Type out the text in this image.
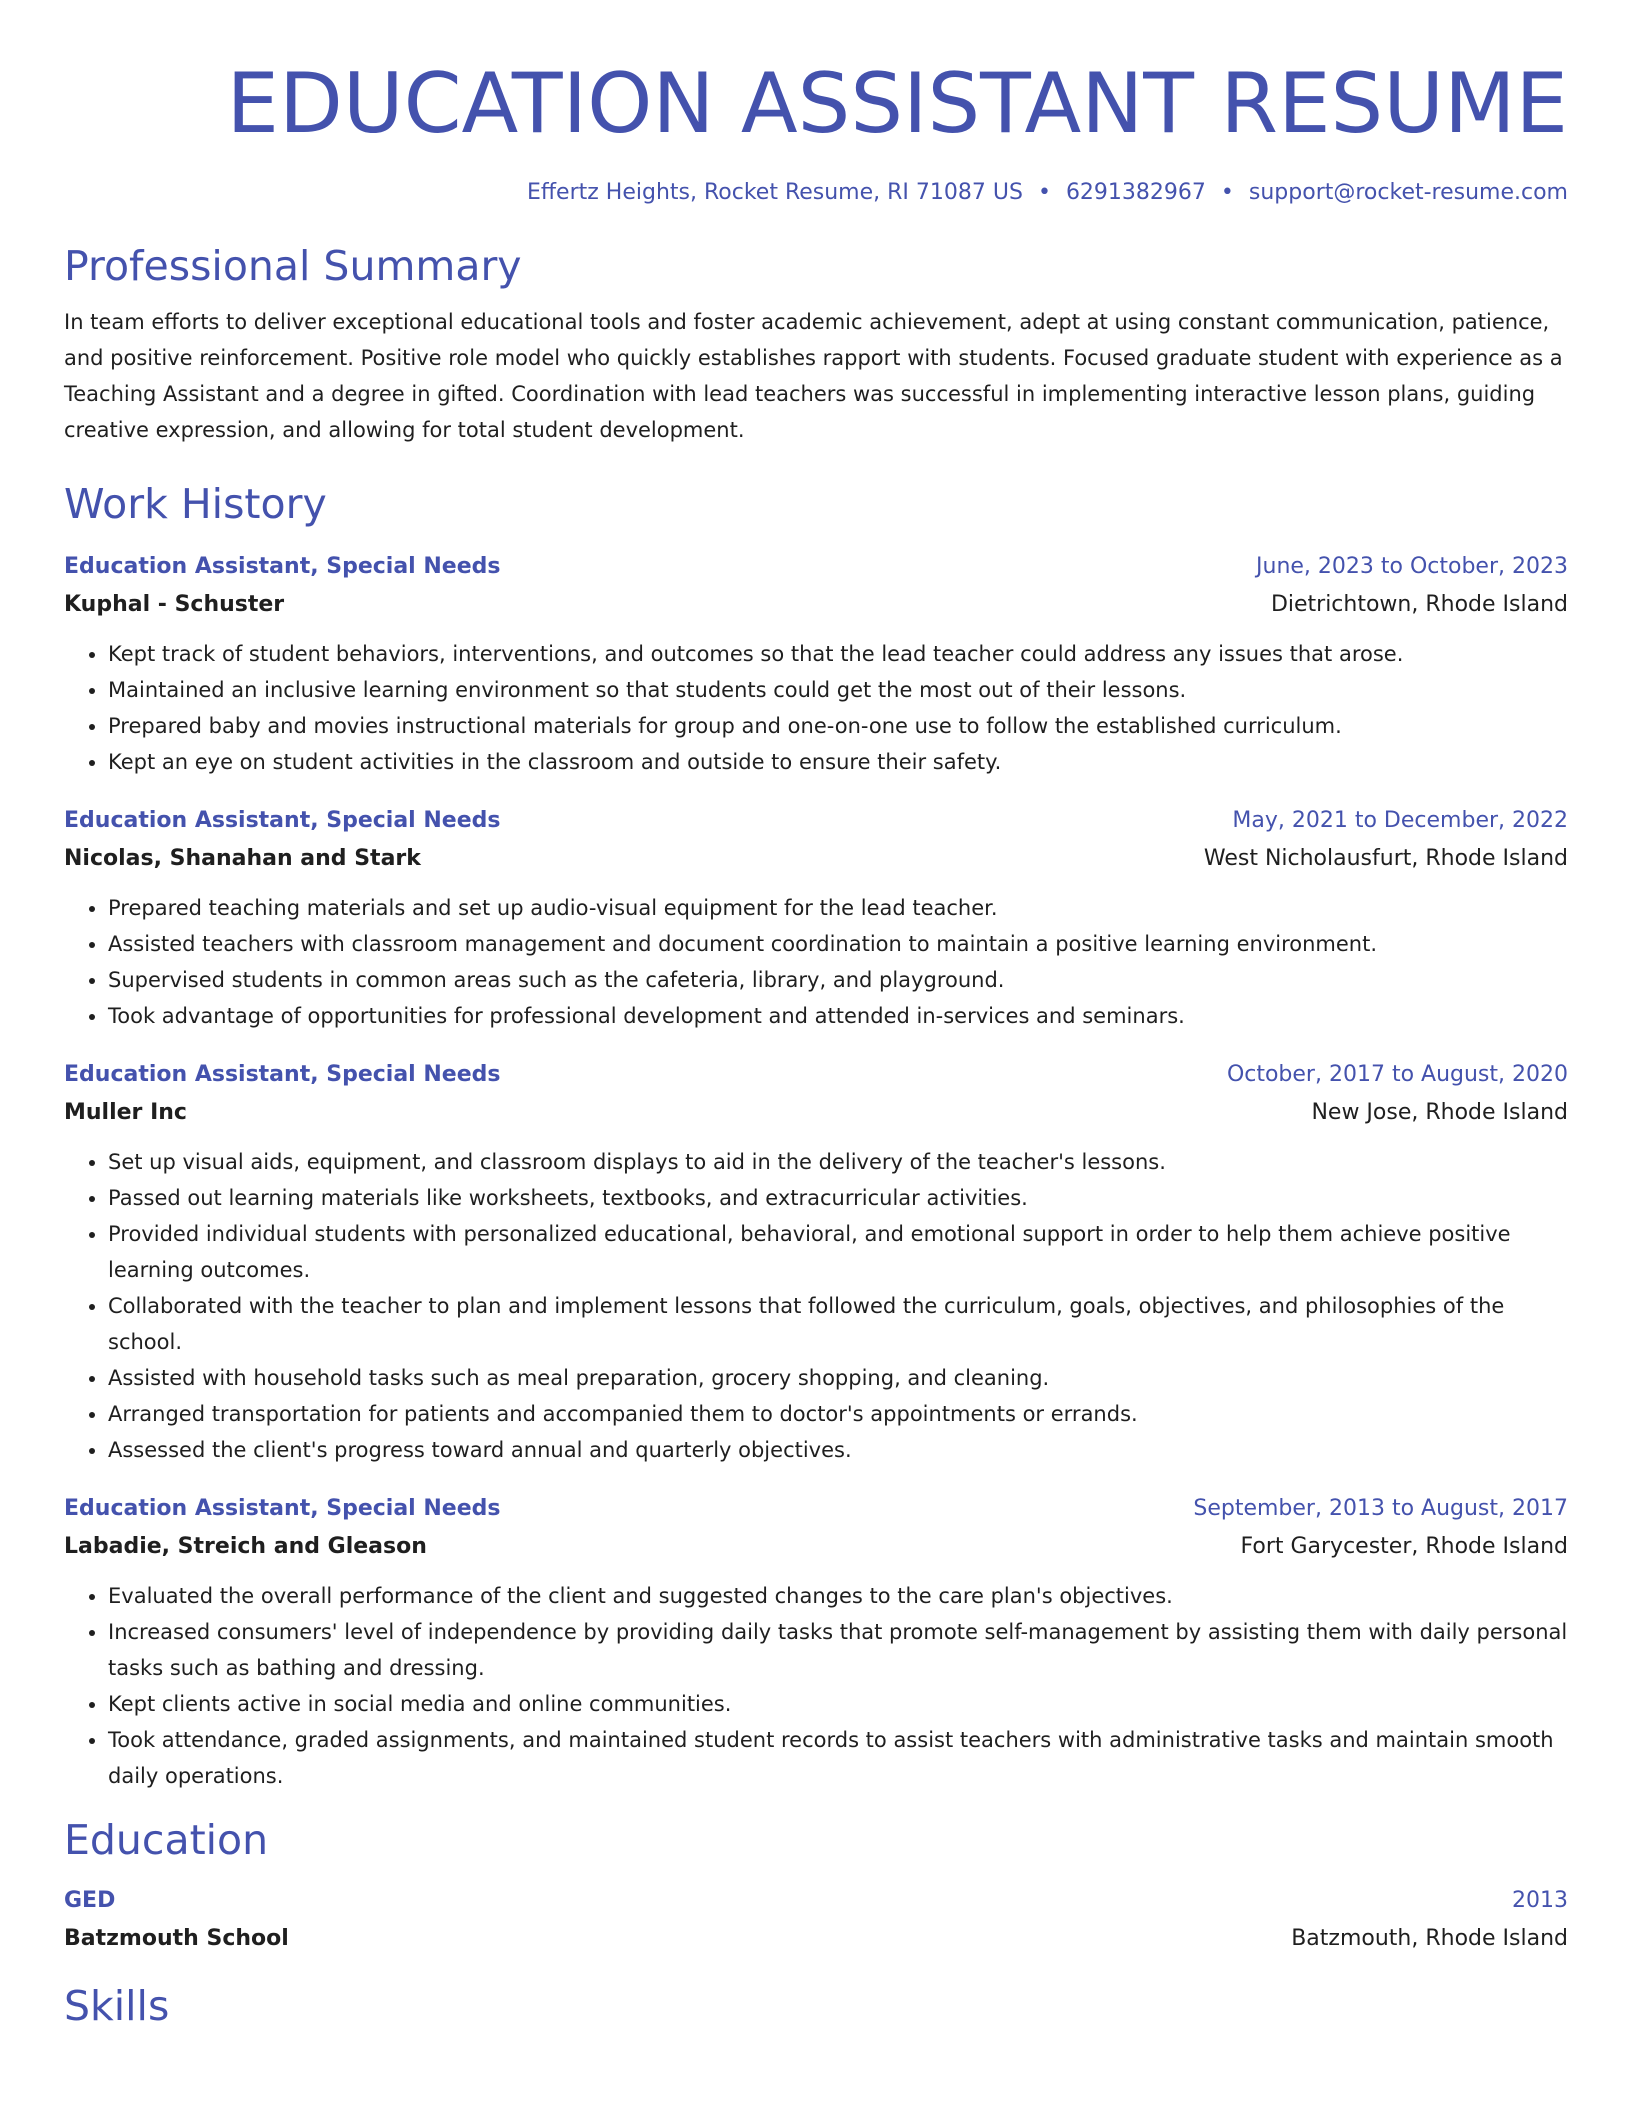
EDUCATION ASSISTANT RESUME
Effertz Heights, Rocket Resume, RI 71087 US • 6291382967 • support@rocket-resume.com
Professional Summary

In team efforts to deliver exceptional educational tools and foster academic achievement, adept at using constant communication, patience, and positive reinforcement. Positive role model who quickly establishes rapport with students. Focused graduate student with experience as a Teaching Assistant and a degree in gifted. Coordination with lead teachers was successful in implementing interactive lesson plans, guiding creative expression, and allowing for total student development.

Work History
Education Assistant, Special Needs	June, 2023 to October, 2023
Kuphal - Schuster	Dietrichtown, Rhode Island
• Kept track of student behaviors, interventions, and outcomes so that the lead teacher could address any issues that arose.
• Maintained an inclusive learning environment so that students could get the most out of their lessons.
• Prepared baby and movies instructional materials for group and one-on-one use to follow the established curriculum.
• Kept an eye on student activities in the classroom and outside to ensure their safety.
Education Assistant, Special Needs	May, 2021 to December, 2022
Nicolas, Shanahan and Stark	West Nicholausfurt, Rhode Island
• Prepared teaching materials and set up audio-visual equipment for the lead teacher.
• Assisted teachers with classroom management and document coordination to maintain a positive learning environment.
• Supervised students in common areas such as the cafeteria, library, and playground.
• Took advantage of opportunities for professional development and attended in-services and seminars.
Education Assistant, Special Needs	October, 2017 to August, 2020
Muller Inc	New Jose, Rhode Island
• Set up visual aids, equipment, and classroom displays to aid in the delivery of the teacher's lessons.
• Passed out learning materials like worksheets, textbooks, and extracurricular activities.
• Provided individual students with personalized educational, behavioral, and emotional support in order to help them achieve positive learning outcomes.
• Collaborated with the teacher to plan and implement lessons that followed the curriculum, goals, objectives, and philosophies of the school.
• Assisted with household tasks such as meal preparation, grocery shopping, and cleaning.
• Arranged transportation for patients and accompanied them to doctor's appointments or errands.
• Assessed the client's progress toward annual and quarterly objectives.
Education Assistant, Special Needs	September, 2013 to August, 2017
Labadie, Streich and Gleason	Fort Garycester, Rhode Island
• Evaluated the overall performance of the client and suggested changes to the care plan's objectives.
• Increased consumers' level of independence by providing daily tasks that promote self-management by assisting them with daily personal tasks such as bathing and dressing.
• Kept clients active in social media and online communities.
• Took attendance, graded assignments, and maintained student records to assist teachers with administrative tasks and maintain smooth daily operations.
Education
GED	2013
Batzmouth School	Batzmouth, Rhode Island
Skills
